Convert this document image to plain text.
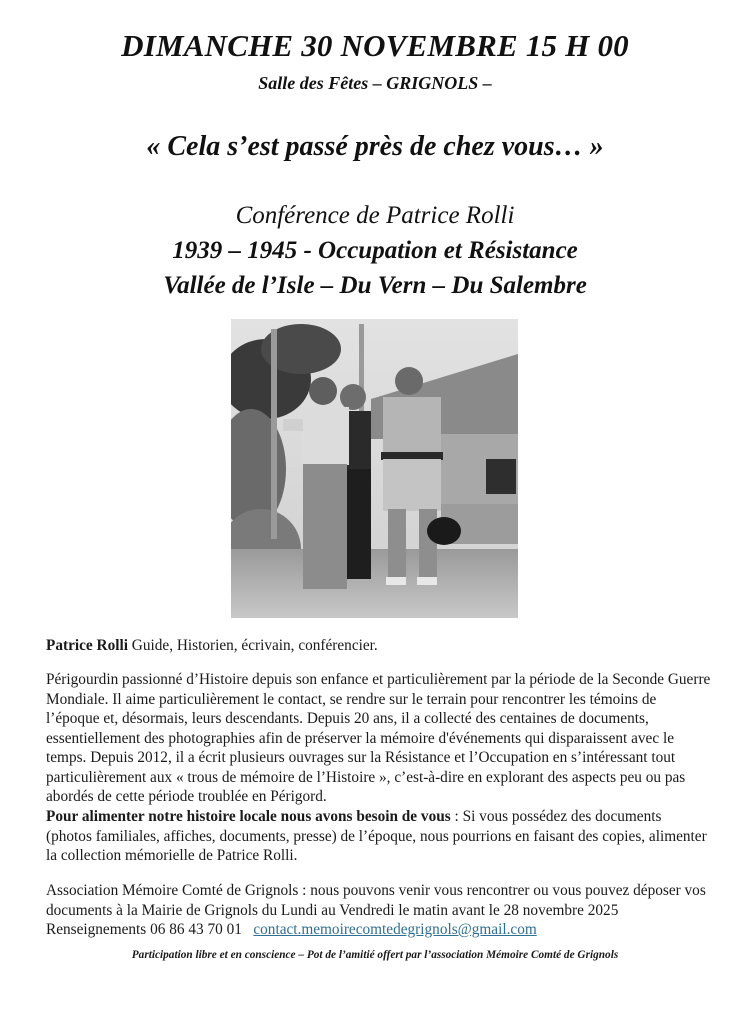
DIMANCHE 30 NOVEMBRE 15 H 00
Salle des Fêtes – GRIGNOLS –
« Cela s’est passé près de chez vous… »
Conférence de Patrice Rolli
1939 – 1945 - Occupation et Résistance
Vallée de l’Isle – Du Vern – Du Salembre
Patrice Rolli Guide, Historien, écrivain, conférencier.
Périgourdin passionné d’Histoire depuis son enfance et particulièrement par la période de la Seconde Guerre Mondiale. Il aime particulièrement le contact, se rendre sur le terrain pour rencontrer les témoins de l’époque et, désormais, leurs descendants. Depuis 20 ans, il a collecté des centaines de documents, essentiellement des photographies afin de préserver la mémoire d'événements qui disparaissent avec le temps. Depuis 2012, il a écrit plusieurs ouvrages sur la Résistance et l’Occupation en s’intéressant tout particulièrement aux « trous de mémoire de l’Histoire », c’est-à-dire en explorant des aspects peu ou pas abordés de cette période troublée en Périgord.
Pour alimenter notre histoire locale nous avons besoin de vous : Si vous possédez des documents (photos familiales, affiches, documents, presse) de l’époque, nous pourrions en faisant des copies, alimenter la collection mémorielle de Patrice Rolli.
Association Mémoire Comté de Grignols : nous pouvons venir vous rencontrer ou vous pouvez déposer vos documents à la Mairie de Grignols du Lundi au Vendredi le matin avant le 28 novembre 2025
Renseignements 06 86 43 70 01 contact.memoirecomtedegrignols@gmail.com
Participation libre et en conscience – Pot de l’amitié offert par l’association Mémoire Comté de Grignols
